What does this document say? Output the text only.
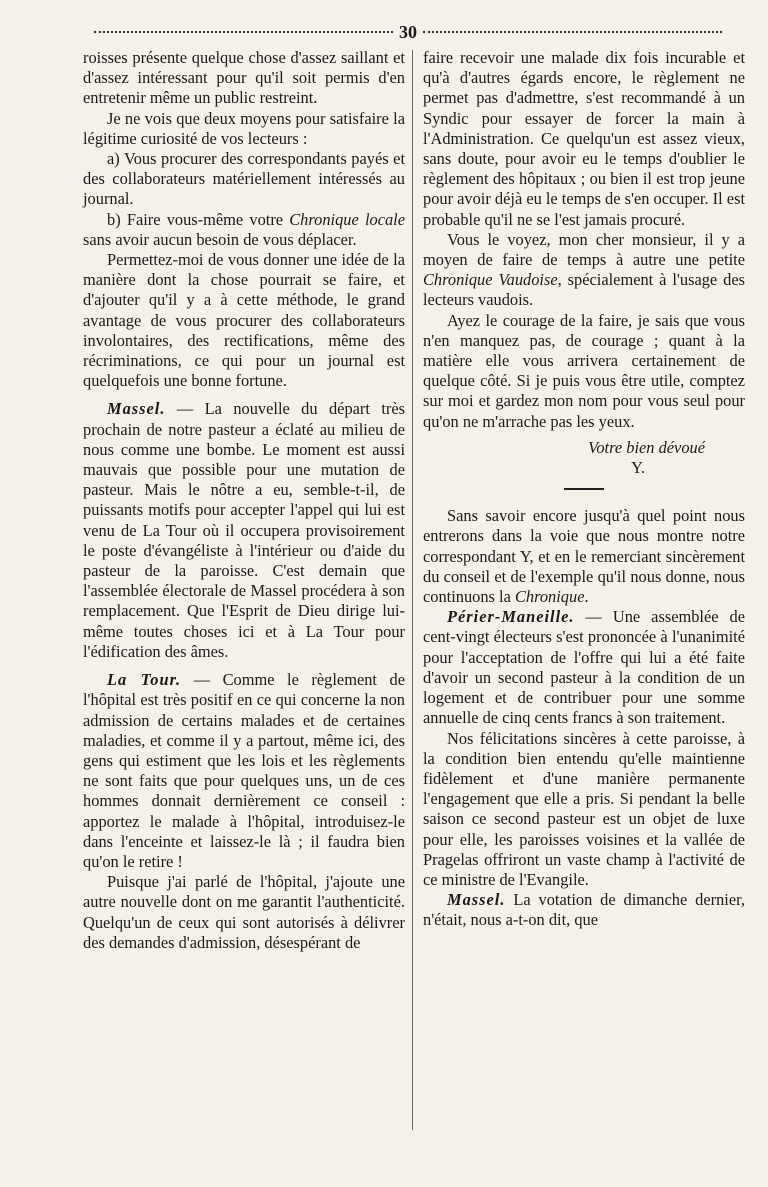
30

roisses présente quelque chose d'assez saillant et d'assez intéressant pour qu'il soit permis d'en entretenir même un public restreint.

Je ne vois que deux moyens pour satisfaire la légitime curiosité de vos lecteurs :

a) Vous procurer des correspondants payés et des collaborateurs matériellement intéressés au journal.

b) Faire vous-même votre Chronique locale sans avoir aucun besoin de vous déplacer.

Permettez-moi de vous donner une idée de la manière dont la chose pourrait se faire, et d'ajouter qu'il y a à cette méthode, le grand avantage de vous procurer des collaborateurs involontaires, des rectifications, même des récriminations, ce qui pour un journal est quelquefois une bonne fortune.

Massel. — La nouvelle du départ très prochain de notre pasteur a éclaté au milieu de nous comme une bombe. Le moment est aussi mauvais que possible pour une mutation de pasteur. Mais le nôtre a eu, semble-t-il, de puissants motifs pour accepter l'appel qui lui est venu de La Tour où il occupera provisoirement le poste d'évangéliste à l'intérieur ou d'aide du pasteur de la paroisse. C'est demain que l'assemblée électorale de Massel procédera à son remplacement. Que l'Esprit de Dieu dirige lui-même toutes choses ici et à La Tour pour l'édification des âmes.

La Tour. — Comme le règlement de l'hôpital est très positif en ce qui concerne la non admission de certains malades et de certaines maladies, et comme il y a partout, même ici, des gens qui estiment que les lois et les règlements ne sont faits que pour quelques uns, un de ces hommes donnait dernièrement ce conseil : apportez le malade à l'hôpital, introduisez-le dans l'enceinte et laissez-le là ; il faudra bien qu'on le retire !

Puisque j'ai parlé de l'hôpital, j'ajoute une autre nouvelle dont on me garantit l'authenticité. Quelqu'un de ceux qui sont autorisés à délivrer des demandes d'admission, désespérant de

faire recevoir une malade dix fois incurable et qu'à d'autres égards encore, le règlement ne permet pas d'admettre, s'est recommandé à un Syndic pour essayer de forcer la main à l'Administration. Ce quelqu'un est assez vieux, sans doute, pour avoir eu le temps d'oublier le règlement des hôpitaux ; ou bien il est trop jeune pour avoir déjà eu le temps de s'en occuper. Il est probable qu'il ne se l'est jamais procuré.

Vous le voyez, mon cher monsieur, il y a moyen de faire de temps à autre une petite Chronique Vaudoise, spécialement à l'usage des lecteurs vaudois.

Ayez le courage de la faire, je sais que vous n'en manquez pas, de courage ; quant à la matière elle vous arrivera certainement de quelque côté. Si je puis vous être utile, comptez sur moi et gardez mon nom pour vous seul pour qu'on ne m'arrache pas les yeux.

Votre bien dévoué

Y.

Sans savoir encore jusqu'à quel point nous entrerons dans la voie que nous montre notre correspondant Y, et en le remerciant sincèrement du conseil et de l'exemple qu'il nous donne, nous continuons la Chronique.

Périer-Maneille. — Une assemblée de cent-vingt électeurs s'est prononcée à l'unanimité pour l'acceptation de l'offre qui lui a été faite d'avoir un second pasteur à la condition de un logement et de contribuer pour une somme annuelle de cinq cents francs à son traitement.

Nos félicitations sincères à cette paroisse, à la condition bien entendu qu'elle maintienne fidèlement et d'une manière permanente l'engagement que elle a pris. Si pendant la belle saison ce second pasteur est un objet de luxe pour elle, les paroisses voisines et la vallée de Pragelas offriront un vaste champ à l'activité de ce ministre de l'Evangile.

Massel. La votation de dimanche dernier, n'était, nous a-t-on dit, que
